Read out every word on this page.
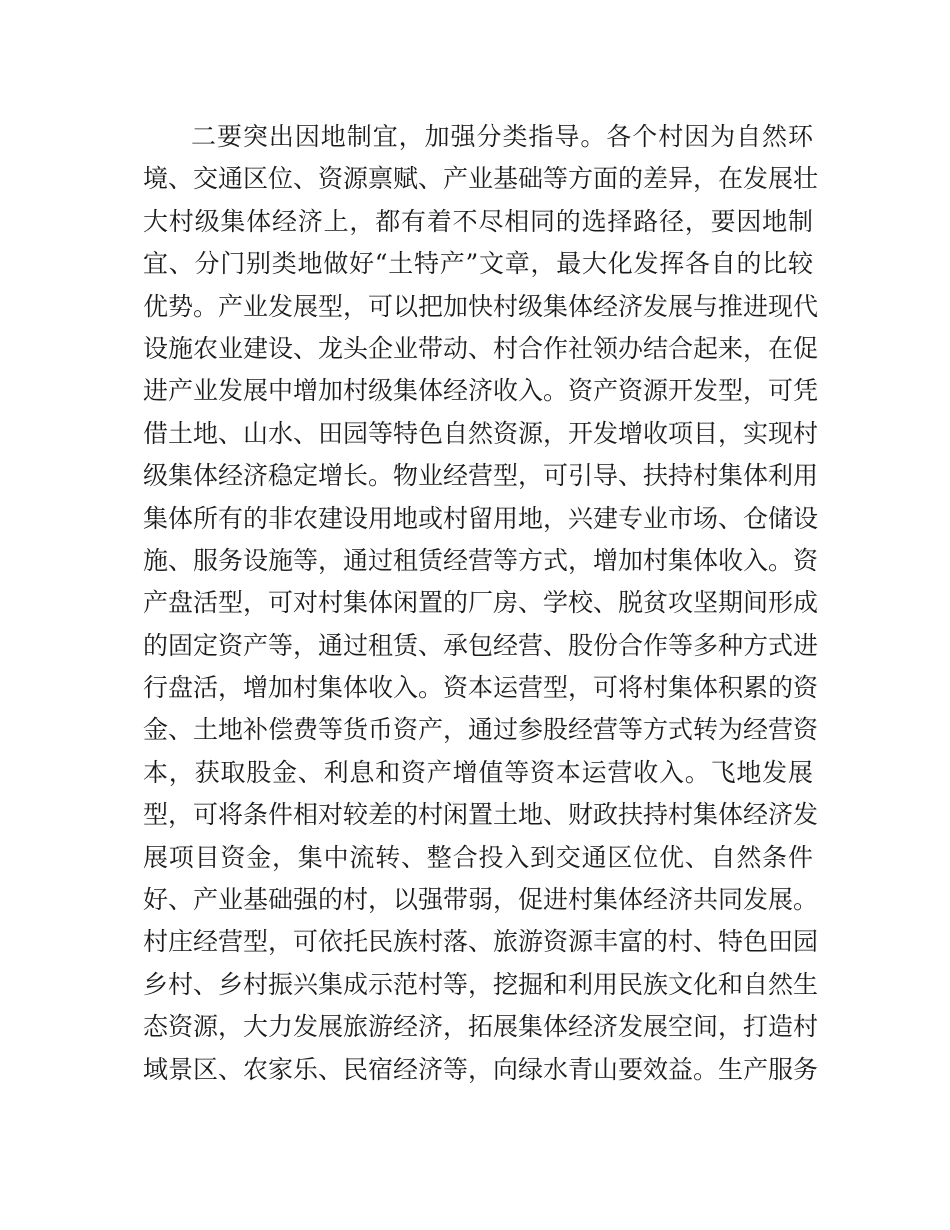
二要突出因地制宜，加强分类指导。各个村因为自然环
境、交通区位、资源禀赋、产业基础等方面的差异，在发展壮
大村级集体经济上，都有着不尽相同的选择路径，要因地制
宜、分门别类地做好“土特产”文章，最大化发挥各自的比较
优势。产业发展型，可以把加快村级集体经济发展与推进现代
设施农业建设、龙头企业带动、村合作社领办结合起来，在促
进产业发展中增加村级集体经济收入。资产资源开发型，可凭
借土地、山水、田园等特色自然资源，开发增收项目，实现村
级集体经济稳定增长。物业经营型，可引导、扶持村集体利用
集体所有的非农建设用地或村留用地，兴建专业市场、仓储设
施、服务设施等，通过租赁经营等方式，增加村集体收入。资
产盘活型，可对村集体闲置的厂房、学校、脱贫攻坚期间形成
的固定资产等，通过租赁、承包经营、股份合作等多种方式进
行盘活，增加村集体收入。资本运营型，可将村集体积累的资
金、土地补偿费等货币资产，通过参股经营等方式转为经营资
本，获取股金、利息和资产增值等资本运营收入。飞地发展
型，可将条件相对较差的村闲置土地、财政扶持村集体经济发
展项目资金，集中流转、整合投入到交通区位优、自然条件
好、产业基础强的村，以强带弱，促进村集体经济共同发展。
村庄经营型，可依托民族村落、旅游资源丰富的村、特色田园
乡村、乡村振兴集成示范村等，挖掘和利用民族文化和自然生
态资源，大力发展旅游经济，拓展集体经济发展空间，打造村
域景区、农家乐、民宿经济等，向绿水青山要效益。生产服务
